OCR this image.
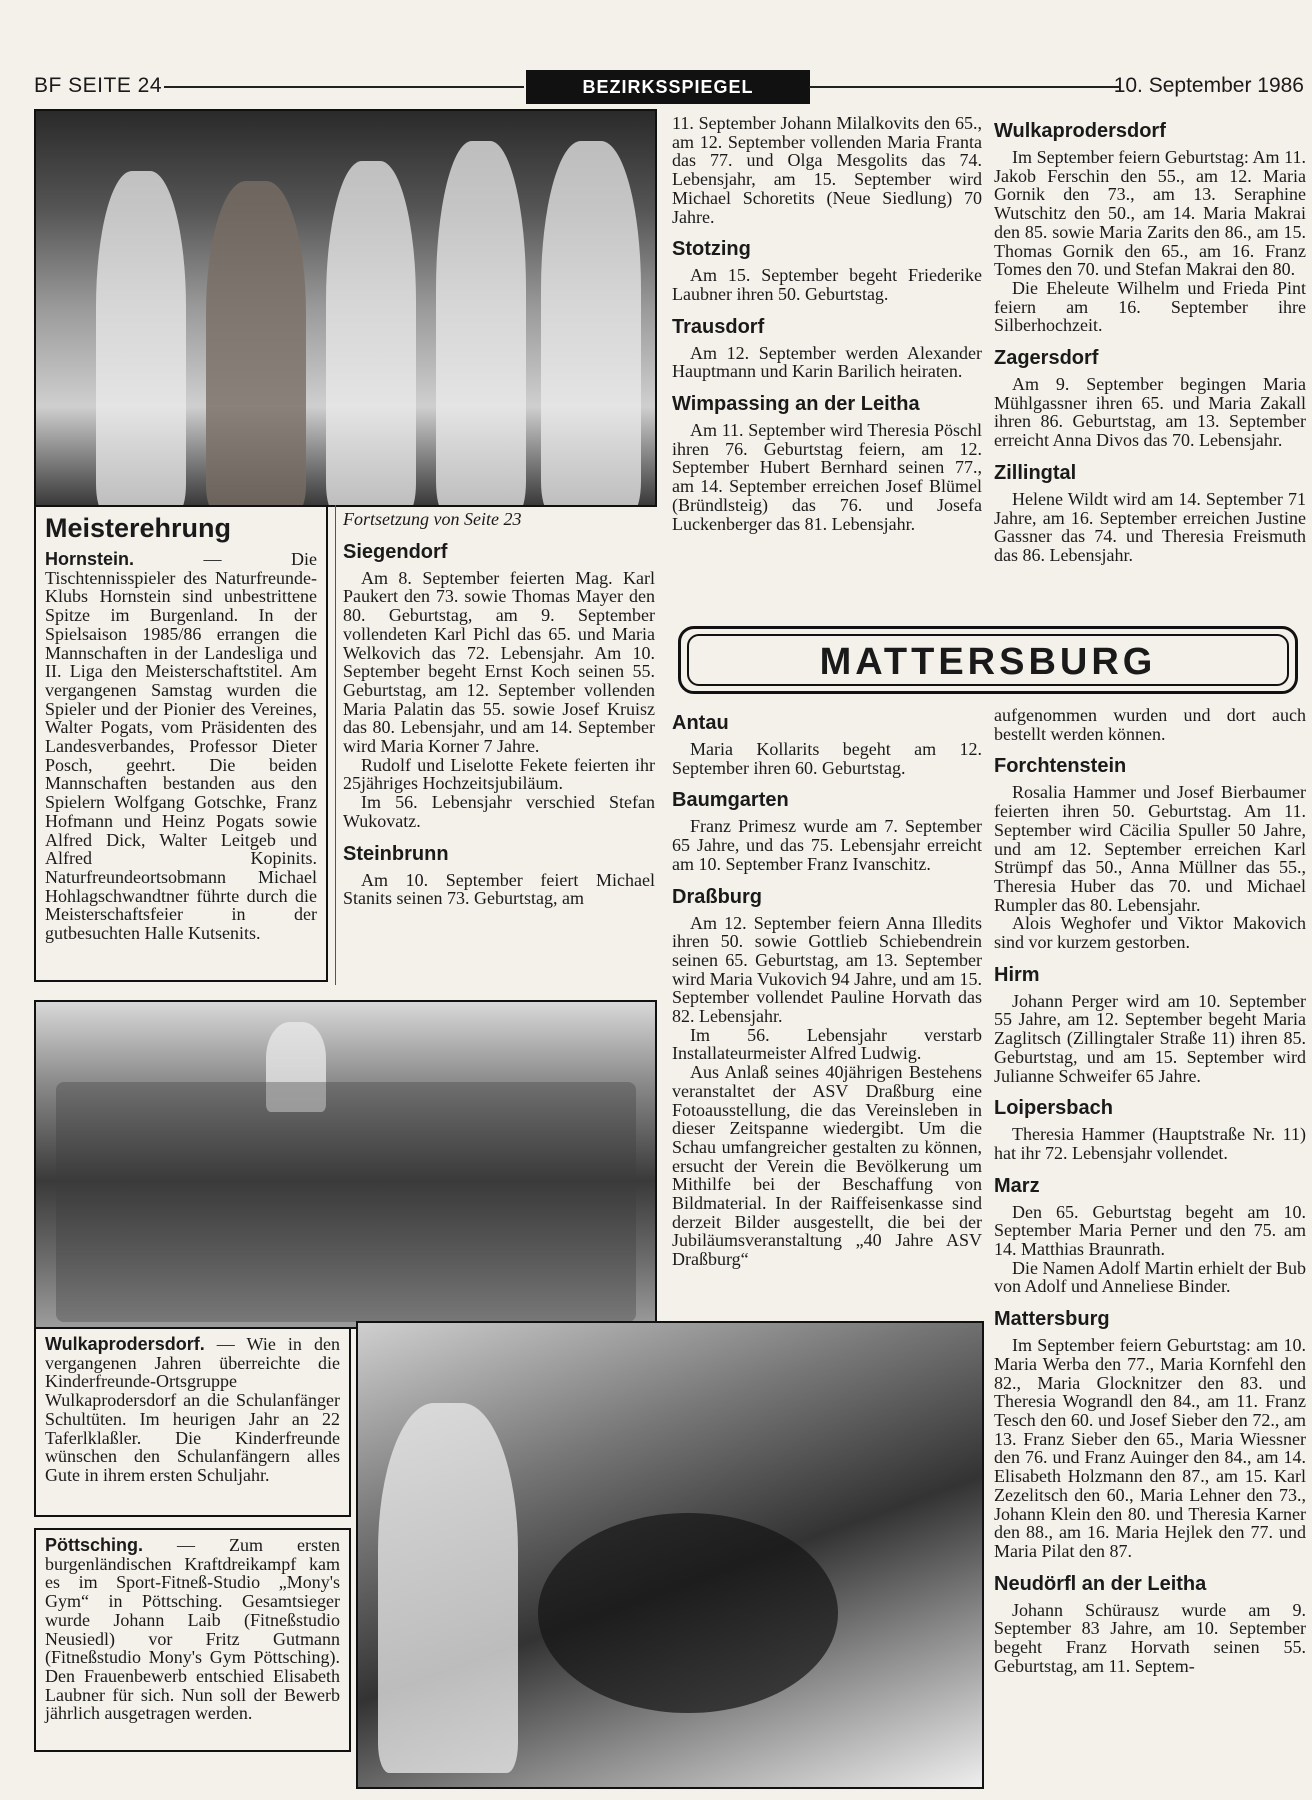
BF SEITE 24	BEZIRKSSPIEGEL	10. September 1986
Meisterehrung

Hornstein. — Die Tischtennisspieler des Naturfreunde-Klubs Hornstein sind unbestrittene Spitze im Burgenland. In der Spielsaison 1985/86 errangen die Mannschaften in der Landesliga und II. Liga den Meisterschaftstitel. Am vergangenen Samstag wurden die Spieler und der Pionier des Vereines, Walter Pogats, vom Präsidenten des Landesverbandes, Professor Dieter Posch, geehrt. Die beiden Mannschaften bestanden aus den Spielern Wolfgang Gotschke, Franz Hofmann und Heinz Pogats sowie Alfred Dick, Walter Leitgeb und Alfred Kopinits. Naturfreundeortsobmann Michael Hohlagschwandtner führte durch die Meisterschaftsfeier in der gutbesuchten Halle Kutsenits.

Fortsetzung von Seite 23

Siegendorf

Am 8. September feierten Mag. Karl Paukert den 73. sowie Thomas Mayer den 80. Geburtstag, am 9. September vollendeten Karl Pichl das 65. und Maria Welkovich das 72. Lebensjahr. Am 10. September begeht Ernst Koch seinen 55. Geburtstag, am 12. September vollenden Maria Palatin das 55. sowie Josef Kruisz das 80. Lebensjahr, und am 14. September wird Maria Korner 7 Jahre.

Rudolf und Liselotte Fekete feierten ihr 25jähriges Hochzeitsjubiläum.

Im 56. Lebensjahr verschied Stefan Wukovatz.

Steinbrunn

Am 10. September feiert Michael Stanits seinen 73. Geburtstag, am

11. September Johann Milalkovits den 65., am 12. September vollenden Maria Franta das 77. und Olga Mesgolits das 74. Lebensjahr, am 15. September wird Michael Schoretits (Neue Siedlung) 70 Jahre.

Stotzing

Am 15. September begeht Friederike Laubner ihren 50. Geburtstag.

Trausdorf

Am 12. September werden Alexander Hauptmann und Karin Barilich heiraten.

Wimpassing an der Leitha

Am 11. September wird Theresia Pöschl ihren 76. Geburtstag feiern, am 12. September Hubert Bernhard seinen 77., am 14. September erreichen Josef Blümel (Bründlsteig) das 76. und Josefa Luckenberger das 81. Lebensjahr.

Wulkaprodersdorf

Im September feiern Geburtstag: Am 11. Jakob Ferschin den 55., am 12. Maria Gornik den 73., am 13. Seraphine Wutschitz den 50., am 14. Maria Makrai den 85. sowie Maria Zarits den 86., am 15. Thomas Gornik den 65., am 16. Franz Tomes den 70. und Stefan Makrai den 80.

Die Eheleute Wilhelm und Frieda Pint feiern am 16. September ihre Silberhochzeit.

Zagersdorf

Am 9. September begingen Maria Mühlgassner ihren 65. und Maria Zakall ihren 86. Geburtstag, am 13. September erreicht Anna Divos das 70. Lebensjahr.

Zillingtal

Helene Wildt wird am 14. September 71 Jahre, am 16. September erreichen Justine Gassner das 74. und Theresia Freismuth das 86. Lebensjahr.

MATTERSBURG
Antau

Maria Kollarits begeht am 12. September ihren 60. Geburtstag.

Baumgarten

Franz Primesz wurde am 7. September 65 Jahre, und das 75. Lebensjahr erreicht am 10. September Franz Ivanschitz.

Draßburg

Am 12. September feiern Anna Illedits ihren 50. sowie Gottlieb Schiebendrein seinen 65. Geburtstag, am 13. September wird Maria Vukovich 94 Jahre, und am 15. September vollendet Pauline Horvath das 82. Lebensjahr.

Im 56. Lebensjahr verstarb Installateurmeister Alfred Ludwig.

Aus Anlaß seines 40jährigen Bestehens veranstaltet der ASV Draßburg eine Fotoausstellung, die das Vereinsleben in dieser Zeitspanne wiedergibt. Um die Schau umfangreicher gestalten zu können, ersucht der Verein die Bevölkerung um Mithilfe bei der Beschaffung von Bildmaterial. In der Raiffeisenkasse sind derzeit Bilder ausgestellt, die bei der Jubiläumsveranstaltung „40 Jahre ASV Draßburg“

aufgenommen wurden und dort auch bestellt werden können.

Forchtenstein

Rosalia Hammer und Josef Bierbaumer feierten ihren 50. Geburtstag. Am 11. September wird Cäcilia Spuller 50 Jahre, und am 12. September erreichen Karl Strümpf das 50., Anna Müllner das 55., Theresia Huber das 70. und Michael Rumpler das 80. Lebensjahr.

Alois Weghofer und Viktor Makovich sind vor kurzem gestorben.

Hirm

Johann Perger wird am 10. September 55 Jahre, am 12. September begeht Maria Zaglitsch (Zillingtaler Straße 11) ihren 85. Geburtstag, und am 15. September wird Julianne Schweifer 65 Jahre.

Loipersbach

Theresia Hammer (Hauptstraße Nr. 11) hat ihr 72. Lebensjahr vollendet.

Marz

Den 65. Geburtstag begeht am 10. September Maria Perner und den 75. am 14. Matthias Braunrath.

Die Namen Adolf Martin erhielt der Bub von Adolf und Anneliese Binder.

Mattersburg

Im September feiern Geburtstag: am 10. Maria Werba den 77., Maria Kornfehl den 82., Maria Glocknitzer den 83. und Theresia Wograndl den 84., am 11. Franz Tesch den 60. und Josef Sieber den 72., am 13. Franz Sieber den 65., Maria Wiessner den 76. und Franz Auinger den 84., am 14. Elisabeth Holzmann den 87., am 15. Karl Zezelitsch den 60., Maria Lehner den 73., Johann Klein den 80. und Theresia Karner den 88., am 16. Maria Hejlek den 77. und Maria Pilat den 87.

Neudörfl an der Leitha

Johann Schürausz wurde am 9. September 83 Jahre, am 10. September begeht Franz Horvath seinen 55. Geburtstag, am 11. Septem-

Wulkaprodersdorf. — Wie in den vergangenen Jahren überreichte die Kinderfreunde-Ortsgruppe Wulkaprodersdorf an die Schulanfänger Schultüten. Im heurigen Jahr an 22 Taferlklaßler. Die Kinderfreunde wünschen den Schulanfängern alles Gute in ihrem ersten Schuljahr.

Pöttsching. — Zum ersten burgenländischen Kraftdreikampf kam es im Sport-Fitneß-Studio „Mony's Gym“ in Pöttsching. Gesamtsieger wurde Johann Laib (Fitneßstudio Neusiedl) vor Fritz Gutmann (Fitneßstudio Mony's Gym Pöttsching). Den Frauenbewerb entschied Elisabeth Laubner für sich. Nun soll der Bewerb jährlich ausgetragen werden.
